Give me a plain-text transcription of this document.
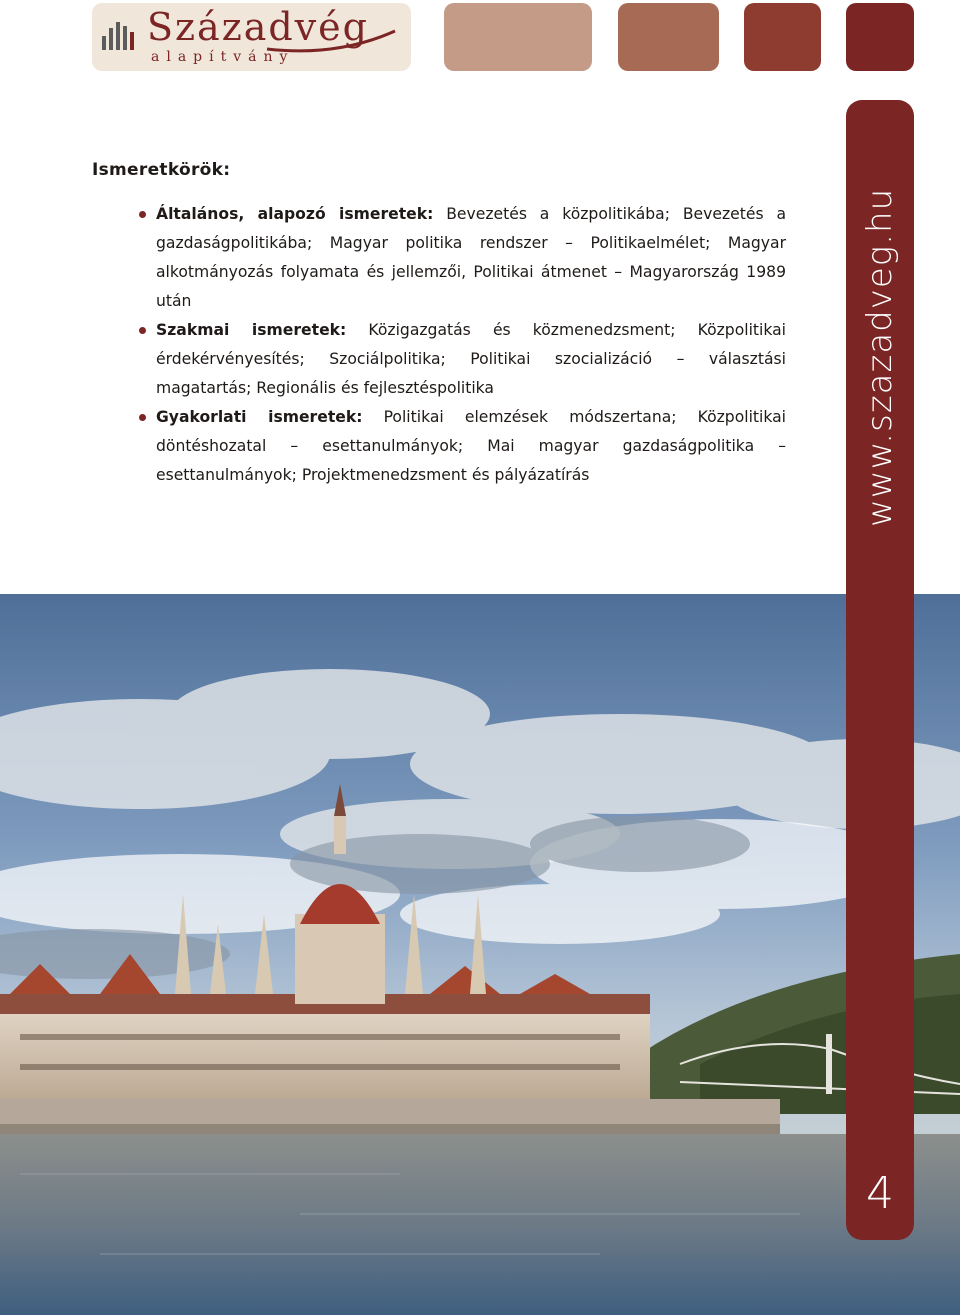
Századvég
alapítvány
www.szazadveg.hu
4
Ismeretkörök:
Általános, alapozó ismeretek: Bevezetés a közpolitikába; Bevezetés a gazdaságpolitikába; Magyar politika rendszer – Politikaelmélet; Magyar alkotmányozás folyamata és jellemzői, Politikai átmenet – Magyarország 1989 után
Szakmai ismeretek: Közigazgatás és közmenedzsment; Közpolitikai érdekérvényesítés; Szociálpolitika; Politikai szocializáció – választási magatartás; Regionális és fejlesztéspolitika
Gyakorlati ismeretek: Politikai elemzések módszertana; Közpolitikai döntéshozatal – esettanulmányok; Mai magyar gazdaságpolitika – esettanulmányok; Projektmenedzsment és pályázatírás
